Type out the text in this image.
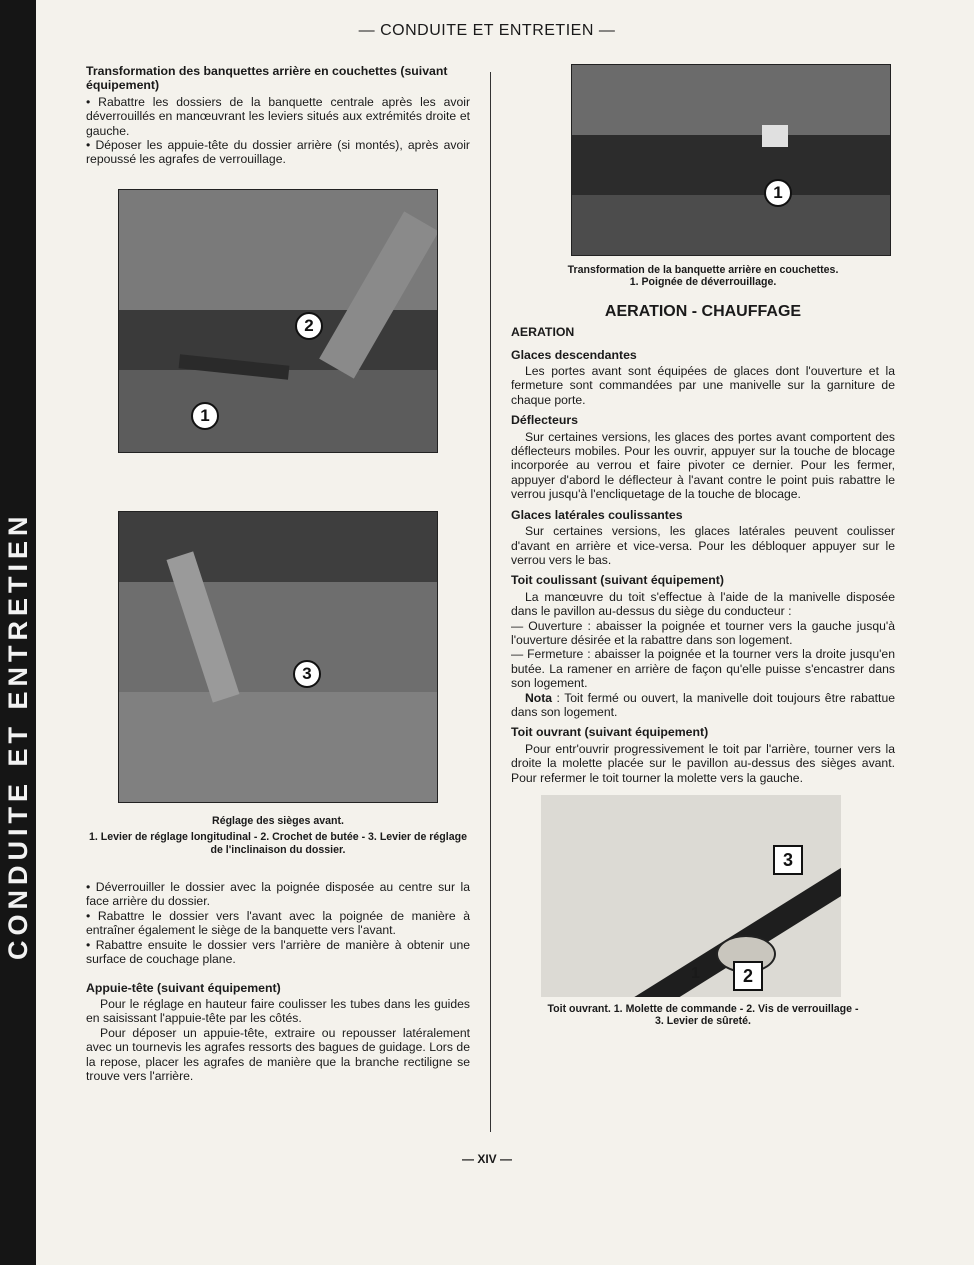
— CONDUITE ET ENTRETIEN —
Transformation des banquettes arrière en couchettes (suivant équipement)

• Rabattre les dossiers de la banquette centrale après les avoir déverrouillés en manœuvrant les leviers situés aux extrémités droite et gauche.

• Déposer les appuie-tête du dossier arrière (si montés), après avoir repoussé les agrafes de verrouillage.

2
1
3
Réglage des sièges avant.
1. Levier de réglage longitudinal - 2. Crochet de butée - 3. Levier de réglage de l'inclinaison du dossier.

• Déverrouiller le dossier avec la poignée disposée au centre sur la face arrière du dossier.

• Rabattre le dossier vers l'avant avec la poignée de manière à entraîner également le siège de la banquette vers l'avant.

• Rabattre ensuite le dossier vers l'arrière de manière à obtenir une surface de couchage plane.

Appuie-tête (suivant équipement)

Pour le réglage en hauteur faire coulisser les tubes dans les guides en saisissant l'appuie-tête par les côtés.

Pour déposer un appuie-tête, extraire ou repousser latéralement avec un tournevis les agrafes ressorts des bagues de guidage. Lors de la repose, placer les agrafes de manière que la branche rectiligne se trouve vers l'arrière.

1
Transformation de la banquette arrière en couchettes.
1. Poignée de déverrouillage.

AERATION - CHAUFFAGE

AERATION
Glaces descendantes

Les portes avant sont équipées de glaces dont l'ouverture et la fermeture sont commandées par une manivelle sur la garniture de chaque porte.

Déflecteurs

Sur certaines versions, les glaces des portes avant comportent des déflecteurs mobiles. Pour les ouvrir, appuyer sur la touche de blocage incorporée au verrou et faire pivoter ce dernier. Pour les fermer, appuyer d'abord le déflecteur à l'avant contre le point puis rabattre le verrou jusqu'à l'encliquetage de la touche de blocage.

Glaces latérales coulissantes

Sur certaines versions, les glaces latérales peuvent coulisser d'avant en arrière et vice-versa. Pour les débloquer appuyer sur le verrou vers le bas.

Toit coulissant (suivant équipement)

La manœuvre du toit s'effectue à l'aide de la manivelle disposée dans le pavillon au-dessus du siège du conducteur :

— Ouverture : abaisser la poignée et tourner vers la gauche jusqu'à l'ouverture désirée et la rabattre dans son logement.

— Fermeture : abaisser la poignée et la tourner vers la droite jusqu'en butée. La ramener en arrière de façon qu'elle puisse s'encastrer dans son logement.

Nota : Toit fermé ou ouvert, la manivelle doit toujours être rabattue dans son logement.

Toit ouvrant (suivant équipement)

Pour entr'ouvrir progressivement le toit par l'arrière, tourner vers la droite la molette placée sur le pavillon au-dessus des sièges avant. Pour refermer le toit tourner la molette vers la gauche.

3
1	2
Toit ouvrant. 1. Molette de commande - 2. Vis de verrouillage -
3. Levier de sûreté.
— XIV —
